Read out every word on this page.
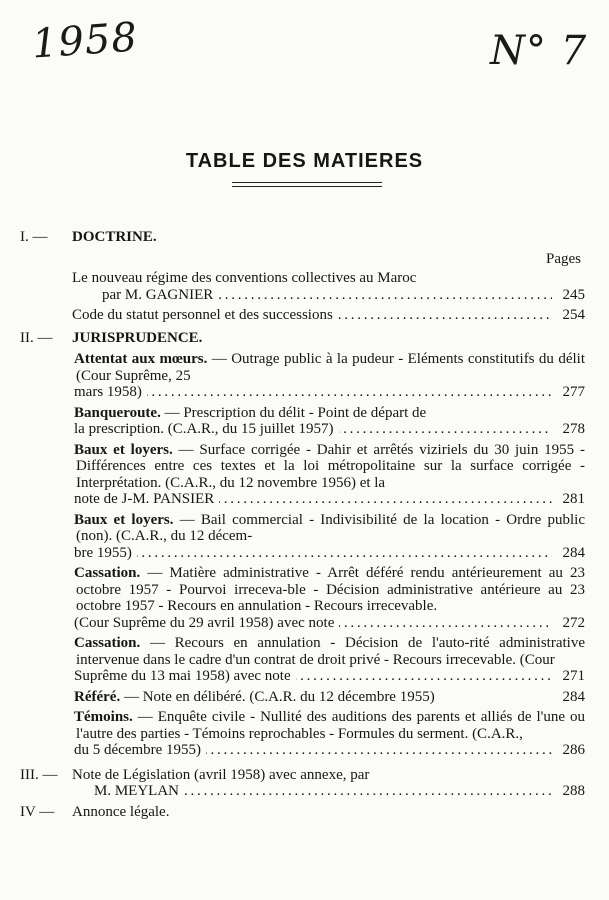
1958	N° 7
TABLE DES MATIERES
I. —	DOCTRINE.
Pages
Le nouveau régime des conventions collectives au Maroc
par M. GAGNIER . . .	245
Code du statut personnel et des successions . . .	254
II. —	JURISPRUDENCE.
Attentat aux mœurs. — Outrage public à la pudeur - Eléments constitutifs du délit (Cour Suprême, 25
mars 1958) . . .	277
Banqueroute. — Prescription du délit - Point de départ de
la prescription. (C.A.R., du 15 juillet 1957) . . .	278
Baux et loyers. — Surface corrigée - Dahir et arrêtés viziriels du 30 juin 1955 - Différences entre ces textes et la loi métropolitaine sur la surface corrigée - Interprétation. (C.A.R., du 12 novembre 1956) et la
note de J-M. PANSIER . . .	281
Baux et loyers. — Bail commercial - Indivisibilité de la location - Ordre public (non). (C.A.R., du 12 décem-
bre 1955) . . .	284
Cassation. — Matière administrative - Arrêt déféré rendu antérieurement au 23 octobre 1957 - Pourvoi irreceva-ble - Décision administrative antérieure au 23 octobre 1957 - Recours en annulation - Recours irrecevable.
(Cour Suprême du 29 avril 1958) avec note . . .	272
Cassation. — Recours en annulation - Décision de l'auto-rité administrative intervenue dans le cadre d'un contrat de droit privé - Recours irrecevable. (Cour
Suprême du 13 mai 1958) avec note . . .	271
Référé. — Note en délibéré. (C.A.R. du 12 décembre 1955)	284
Témoins. — Enquête civile - Nullité des auditions des parents et alliés de l'une ou l'autre des parties - Témoins reprochables - Formules du serment. (C.A.R.,
du 5 décembre 1955) . . .	286
III. — Note de Législation (avril 1958) avec annexe, par
M. MEYLAN . . .	288
IV —	Annonce légale.
